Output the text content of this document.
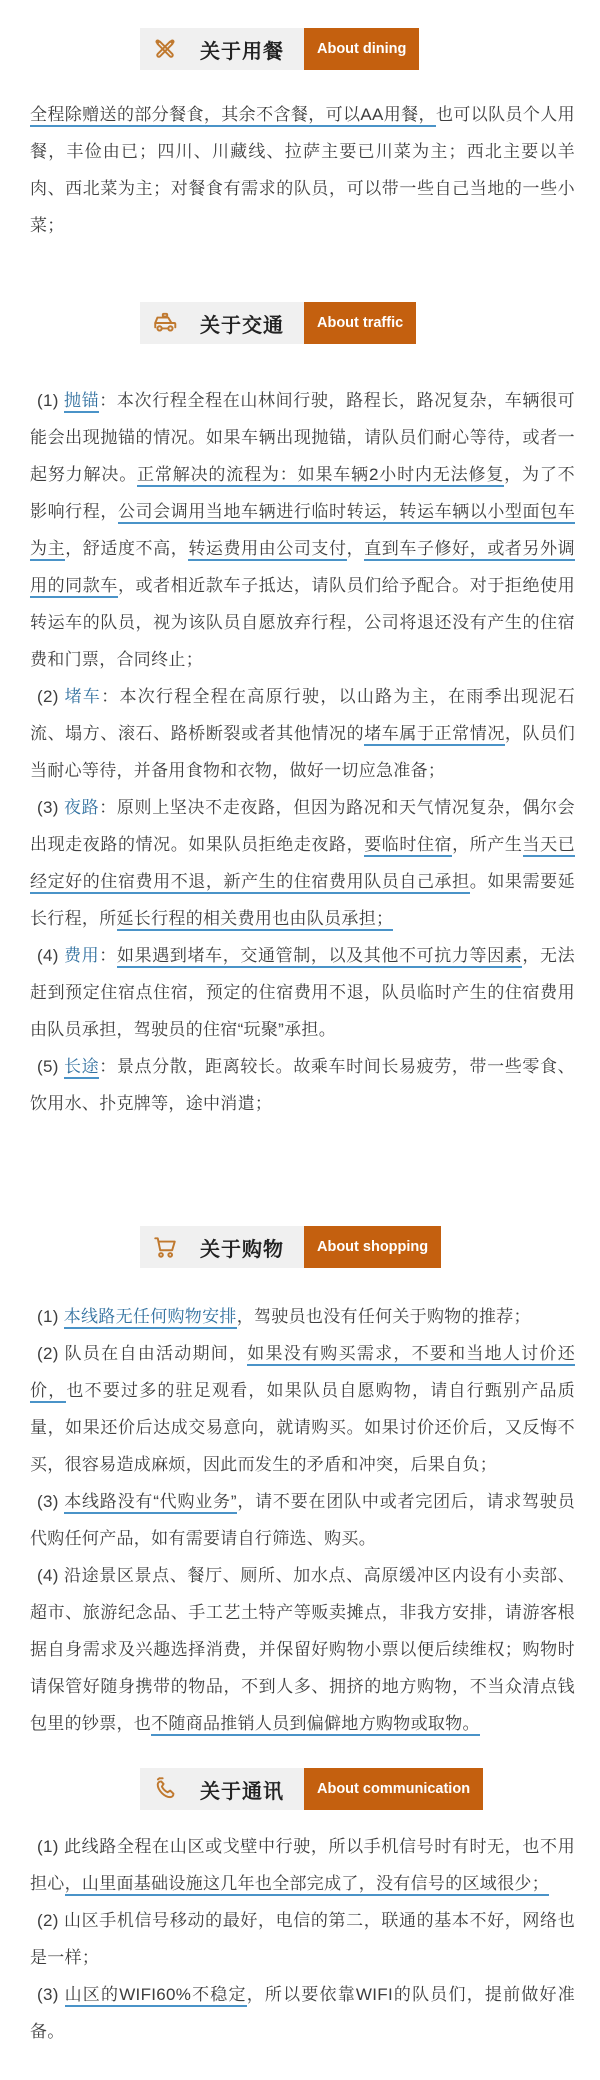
关于用餐	About dining

全程除赠送的部分餐食，其余不含餐，可以AA用餐，也可以队员个人用餐，丰俭由已；四川、川藏线、拉萨主要已川菜为主；西北主要以羊肉、西北菜为主；对餐食有需求的队员，可以带一些自己当地的一些小菜；

关于交通	About traffic

(1) 抛锚：本次行程全程在山林间行驶，路程长，路况复杂，车辆很可能会出现抛锚的情况。如果车辆出现抛锚，请队员们耐心等待，或者一起努力解决。正常解决的流程为：如果车辆2小时内无法修复，为了不影响行程，公司会调用当地车辆进行临时转运，转运车辆以小型面包车为主，舒适度不高，转运费用由公司支付，直到车子修好，或者另外调用的同款车，或者相近款车子抵达，请队员们给予配合。对于拒绝使用转运车的队员，视为该队员自愿放弃行程，公司将退还没有产生的住宿费和门票，合同终止；

(2) 堵车：本次行程全程在高原行驶，以山路为主，在雨季出现泥石流、塌方、滚石、路桥断裂或者其他情况的堵车属于正常情况，队员们当耐心等待，并备用食物和衣物，做好一切应急准备；

(3) 夜路：原则上坚决不走夜路，但因为路况和天气情况复杂，偶尔会出现走夜路的情况。如果队员拒绝走夜路，要临时住宿，所产生当天已经定好的住宿费用不退，新产生的住宿费用队员自己承担。如果需要延长行程，所延长行程的相关费用也由队员承担；

(4) 费用：如果遇到堵车，交通管制，以及其他不可抗力等因素，无法赶到预定住宿点住宿，预定的住宿费用不退，队员临时产生的住宿费用由队员承担，驾驶员的住宿“玩聚”承担。

(5) 长途：景点分散，距离较长。故乘车时间长易疲劳，带一些零食、饮用水、扑克牌等，途中消遣；

关于购物	About shopping

(1) 本线路无任何购物安排，驾驶员也没有任何关于购物的推荐；

(2) 队员在自由活动期间，如果没有购买需求，不要和当地人讨价还价，也不要过多的驻足观看，如果队员自愿购物，请自行甄别产品质量，如果还价后达成交易意向，就请购买。如果讨价还价后，又反悔不买，很容易造成麻烦，因此而发生的矛盾和冲突，后果自负；

(3) 本线路没有“代购业务”，请不要在团队中或者完团后，请求驾驶员代购任何产品，如有需要请自行筛选、购买。

(4) 沿途景区景点、餐厅、厕所、加水点、高原缓冲区内设有小卖部、超市、旅游纪念品、手工艺土特产等贩卖摊点，非我方安排，请游客根据自身需求及兴趣选择消费，并保留好购物小票以便后续维权；购物时请保管好随身携带的物品，不到人多、拥挤的地方购物，不当众清点钱包里的钞票，也不随商品推销人员到偏僻地方购物或取物。

关于通讯	About communication

(1) 此线路全程在山区或戈壁中行驶，所以手机信号时有时无，也不用担心，山里面基础设施这几年也全部完成了，没有信号的区域很少；

(2) 山区手机信号移动的最好，电信的第二，联通的基本不好，网络也是一样；

(3) 山区的WIFI60%不稳定，所以要依靠WIFI的队员们，提前做好准备。
